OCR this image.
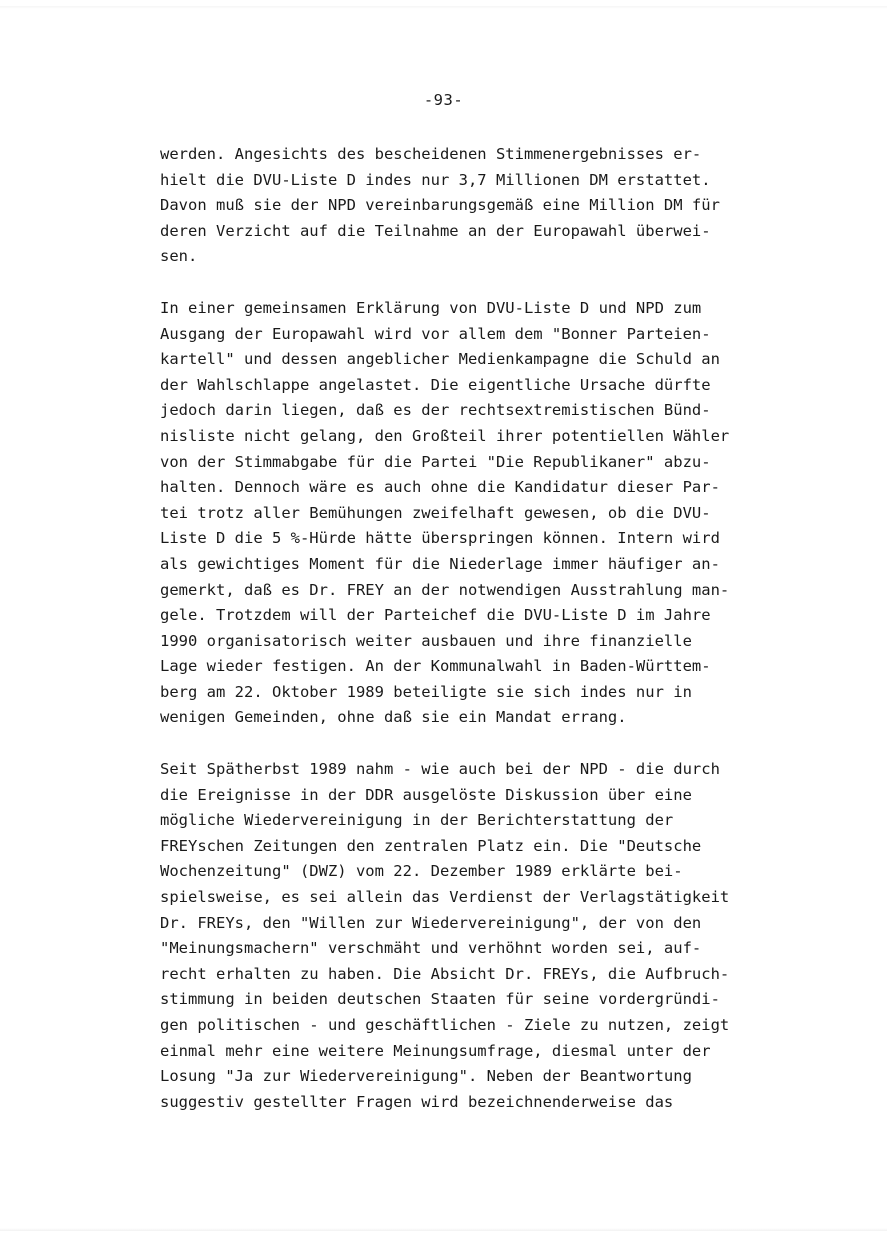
-93-

werden. Angesichts des bescheidenen Stimmenergebnisses er-
hielt die DVU-Liste D indes nur 3,7 Millionen DM erstattet.
Davon muß sie der NPD vereinbarungsgemäß eine Million DM für
deren Verzicht auf die Teilnahme an der Europawahl überwei-
sen.

In einer gemeinsamen Erklärung von DVU-Liste D und NPD zum
Ausgang der Europawahl wird vor allem dem "Bonner Parteien-
kartell" und dessen angeblicher Medienkampagne die Schuld an
der Wahlschlappe angelastet. Die eigentliche Ursache dürfte
jedoch darin liegen, daß es der rechtsextremistischen Bünd-
nisliste nicht gelang, den Großteil ihrer potentiellen Wähler
von der Stimmabgabe für die Partei "Die Republikaner" abzu-
halten. Dennoch wäre es auch ohne die Kandidatur dieser Par-
tei trotz aller Bemühungen zweifelhaft gewesen, ob die DVU-
Liste D die 5 %-Hürde hätte überspringen können. Intern wird
als gewichtiges Moment für die Niederlage immer häufiger an-
gemerkt, daß es Dr. FREY an der notwendigen Ausstrahlung man-
gele. Trotzdem will der Parteichef die DVU-Liste D im Jahre
1990 organisatorisch weiter ausbauen und ihre finanzielle
Lage wieder festigen. An der Kommunalwahl in Baden-Württem-
berg am 22. Oktober 1989 beteiligte sie sich indes nur in
wenigen Gemeinden, ohne daß sie ein Mandat errang.

Seit Spätherbst 1989 nahm - wie auch bei der NPD - die durch
die Ereignisse in der DDR ausgelöste Diskussion über eine
mögliche Wiedervereinigung in der Berichterstattung der
FREYschen Zeitungen den zentralen Platz ein. Die "Deutsche
Wochenzeitung" (DWZ) vom 22. Dezember 1989 erklärte bei-
spielsweise, es sei allein das Verdienst der Verlagstätigkeit
Dr. FREYs, den "Willen zur Wiedervereinigung", der von den
"Meinungsmachern" verschmäht und verhöhnt worden sei, auf-
recht erhalten zu haben. Die Absicht Dr. FREYs, die Aufbruch-
stimmung in beiden deutschen Staaten für seine vordergründi-
gen politischen - und geschäftlichen - Ziele zu nutzen, zeigt
einmal mehr eine weitere Meinungsumfrage, diesmal unter der
Losung "Ja zur Wiedervereinigung". Neben der Beantwortung
suggestiv gestellter Fragen wird bezeichnenderweise das
